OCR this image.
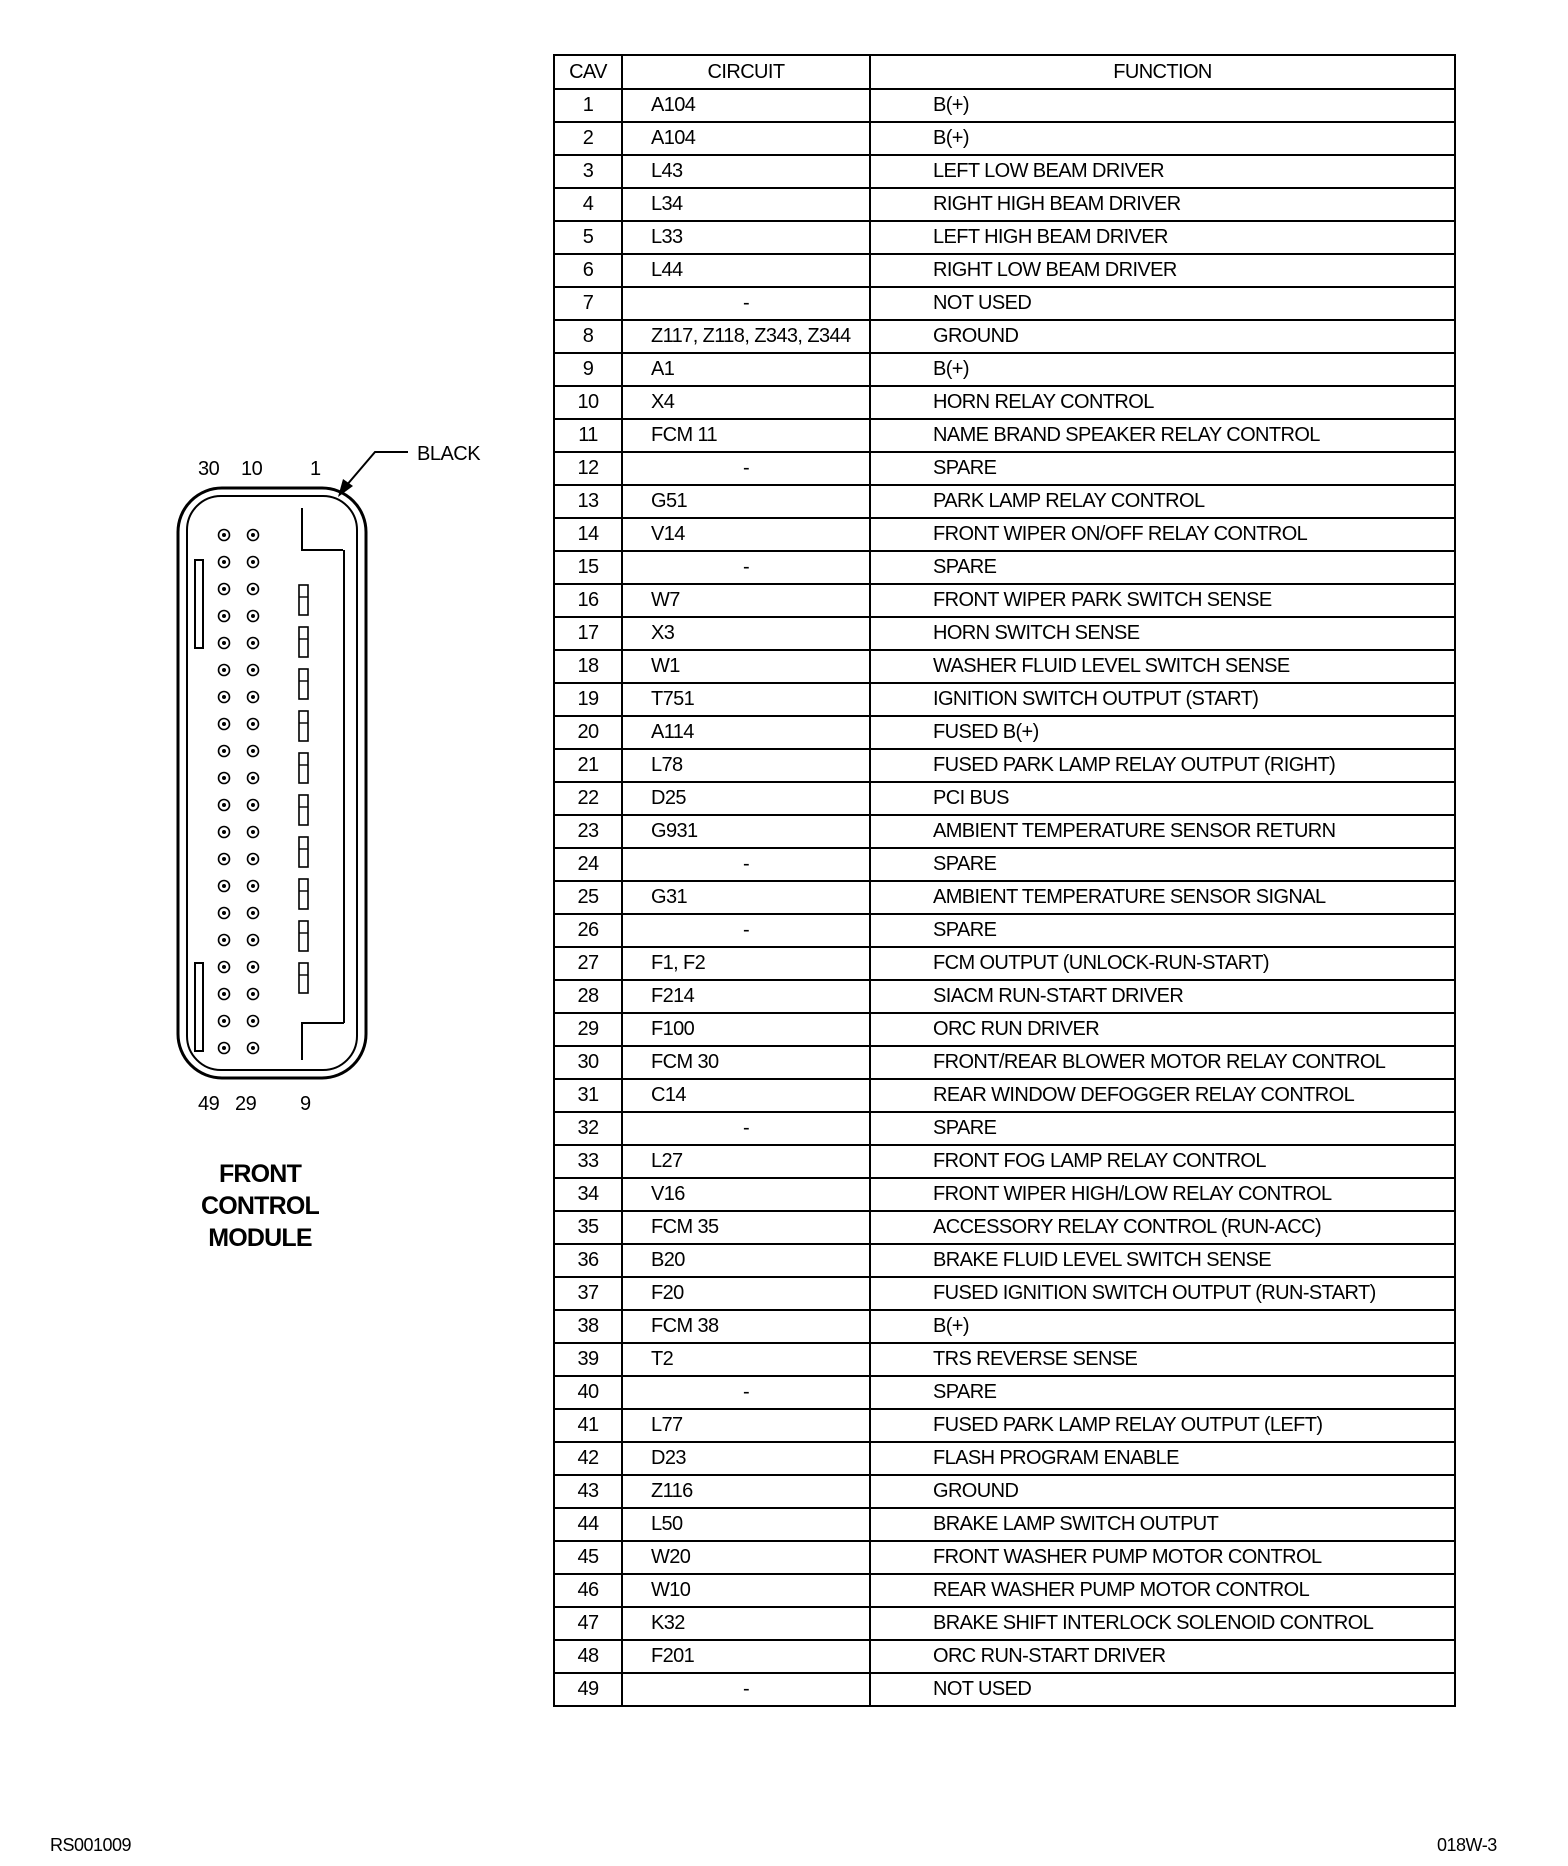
30 10 1
BLACK
49 29 9
FRONT
CONTROL
MODULE
CAV	CIRCUIT	FUNCTION
1	A104	B(+)
2	A104	B(+)
3	L43	LEFT LOW BEAM DRIVER
4	L34	RIGHT HIGH BEAM DRIVER
5	L33	LEFT HIGH BEAM DRIVER
6	L44	RIGHT LOW BEAM DRIVER
7	-	NOT USED
8	Z117, Z118, Z343, Z344	GROUND
9	A1	B(+)
10	X4	HORN RELAY CONTROL
11	FCM 11	NAME BRAND SPEAKER RELAY CONTROL
12	-	SPARE
13	G51	PARK LAMP RELAY CONTROL
14	V14	FRONT WIPER ON/OFF RELAY CONTROL
15	-	SPARE
16	W7	FRONT WIPER PARK SWITCH SENSE
17	X3	HORN SWITCH SENSE
18	W1	WASHER FLUID LEVEL SWITCH SENSE
19	T751	IGNITION SWITCH OUTPUT (START)
20	A114	FUSED B(+)
21	L78	FUSED PARK LAMP RELAY OUTPUT (RIGHT)
22	D25	PCI BUS
23	G931	AMBIENT TEMPERATURE SENSOR RETURN
24	-	SPARE
25	G31	AMBIENT TEMPERATURE SENSOR SIGNAL
26	-	SPARE
27	F1, F2	FCM OUTPUT (UNLOCK-RUN-START)
28	F214	SIACM RUN-START DRIVER
29	F100	ORC RUN DRIVER
30	FCM 30	FRONT/REAR BLOWER MOTOR RELAY CONTROL
31	C14	REAR WINDOW DEFOGGER RELAY CONTROL
32	-	SPARE
33	L27	FRONT FOG LAMP RELAY CONTROL
34	V16	FRONT WIPER HIGH/LOW RELAY CONTROL
35	FCM 35	ACCESSORY RELAY CONTROL (RUN-ACC)
36	B20	BRAKE FLUID LEVEL SWITCH SENSE
37	F20	FUSED IGNITION SWITCH OUTPUT (RUN-START)
38	FCM 38	B(+)
39	T2	TRS REVERSE SENSE
40	-	SPARE
41	L77	FUSED PARK LAMP RELAY OUTPUT (LEFT)
42	D23	FLASH PROGRAM ENABLE
43	Z116	GROUND
44	L50	BRAKE LAMP SWITCH OUTPUT
45	W20	FRONT WASHER PUMP MOTOR CONTROL
46	W10	REAR WASHER PUMP MOTOR CONTROL
47	K32	BRAKE SHIFT INTERLOCK SOLENOID CONTROL
48	F201	ORC RUN-START DRIVER
49	-	NOT USED
RS001009	018W-3
